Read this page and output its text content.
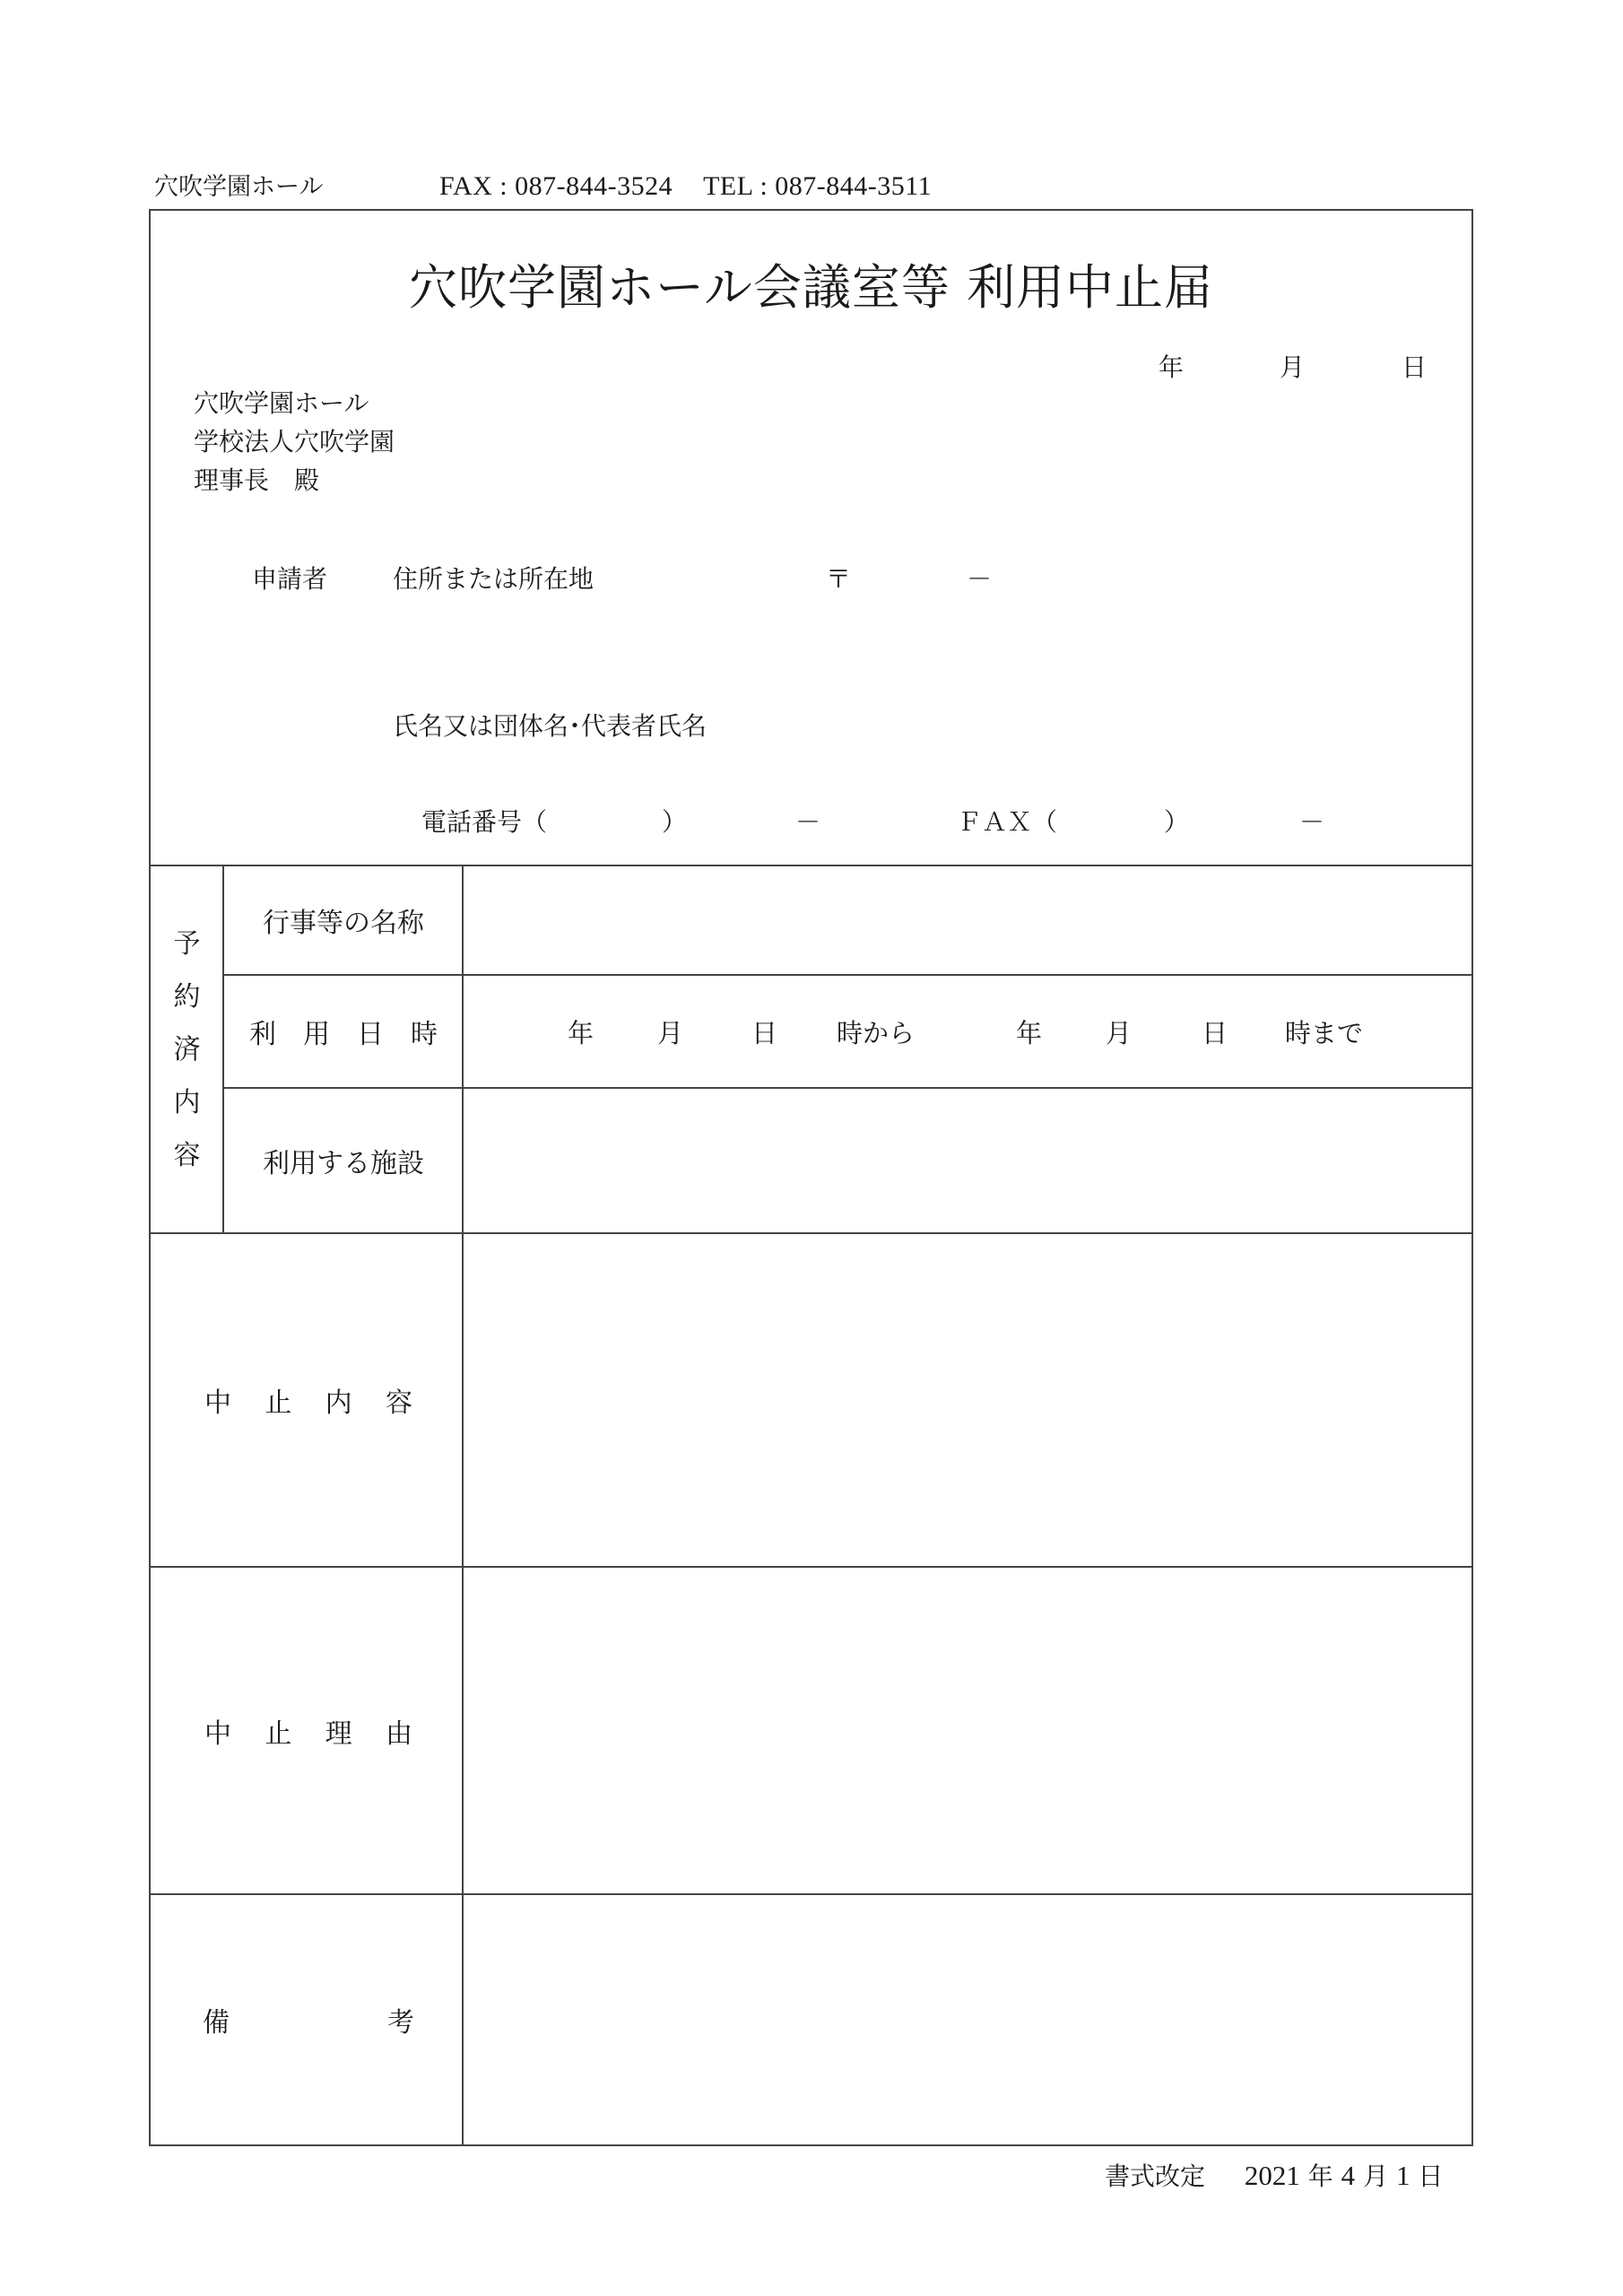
穴吹学園ホール	FAX : 087-844-3524 TEL : 087-844-3511
穴吹学園ホール会議室等 利用中止届
年	月	日
穴吹学園ホール
学校法人穴吹学園
理事長　殿
申請者	住所または所在地	〒	－
氏名又は団体名･代表者氏名
電話番号（	）	－	ＦＡＸ（	）	－
予
約
済
内
容
行事等の名称
利　用　日　時	年 月	日 時から	年 月	日 時まで
利用する施設
中 止 内 容
中 止 理 由
備	考
書式改定 2021 年 4 月 1 日
